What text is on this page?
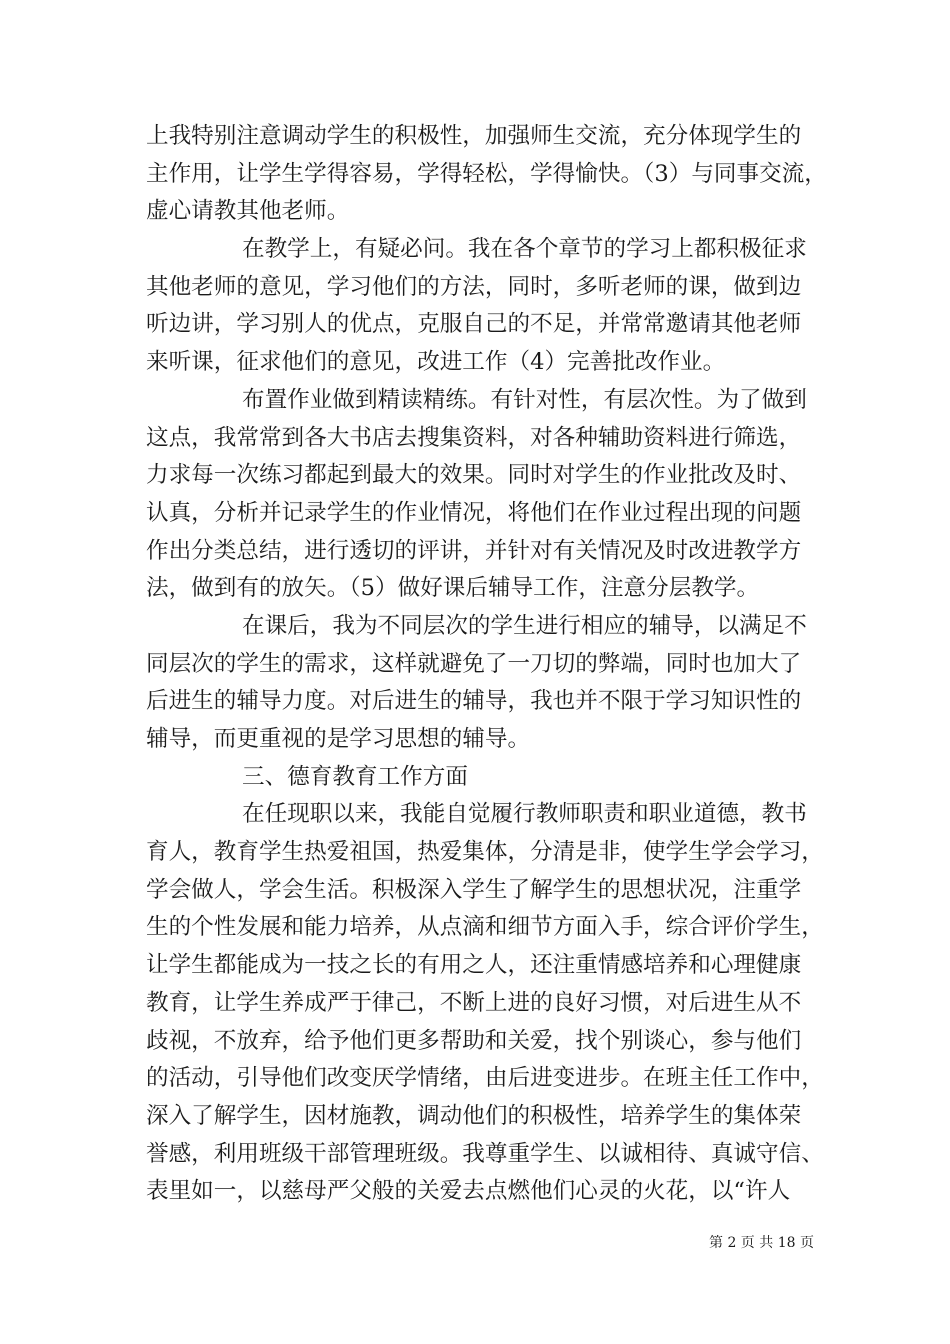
上我特别注意调动学生的积极性，加强师生交流，充分体现学生的
主作用，让学生学得容易，学得轻松，学得愉快。（3）与同事交流，
虚心请教其他老师。
在教学上，有疑必问。我在各个章节的学习上都积极征求
其他老师的意见，学习他们的方法，同时，多听老师的课，做到边
听边讲，学习别人的优点，克服自己的不足，并常常邀请其他老师
来听课，征求他们的意见，改进工作（4）完善批改作业。
布置作业做到精读精练。有针对性，有层次性。为了做到
这点，我常常到各大书店去搜集资料，对各种辅助资料进行筛选，
力求每一次练习都起到最大的效果。同时对学生的作业批改及时、
认真，分析并记录学生的作业情况，将他们在作业过程出现的问题
作出分类总结，进行透切的评讲，并针对有关情况及时改进教学方
法，做到有的放矢。（5）做好课后辅导工作，注意分层教学。
在课后，我为不同层次的学生进行相应的辅导，以满足不
同层次的学生的需求，这样就避免了一刀切的弊端，同时也加大了
后进生的辅导力度。对后进生的辅导，我也并不限于学习知识性的
辅导，而更重视的是学习思想的辅导。
三、德育教育工作方面
在任现职以来，我能自觉履行教师职责和职业道德，教书
育人，教育学生热爱祖国，热爱集体，分清是非，使学生学会学习，
学会做人，学会生活。积极深入学生了解学生的思想状况，注重学
生的个性发展和能力培养，从点滴和细节方面入手，综合评价学生，
让学生都能成为一技之长的有用之人，还注重情感培养和心理健康
教育，让学生养成严于律己，不断上进的良好习惯，对后进生从不
歧视，不放弃，给予他们更多帮助和关爱，找个别谈心，参与他们
的活动，引导他们改变厌学情绪，由后进变进步。在班主任工作中，
深入了解学生，因材施教，调动他们的积极性，培养学生的集体荣
誉感，利用班级干部管理班级。我尊重学生、以诚相待、真诚守信、
表里如一，以慈母严父般的关爱去点燃他们心灵的火花，以“许人
第 2 页 共 18 页
